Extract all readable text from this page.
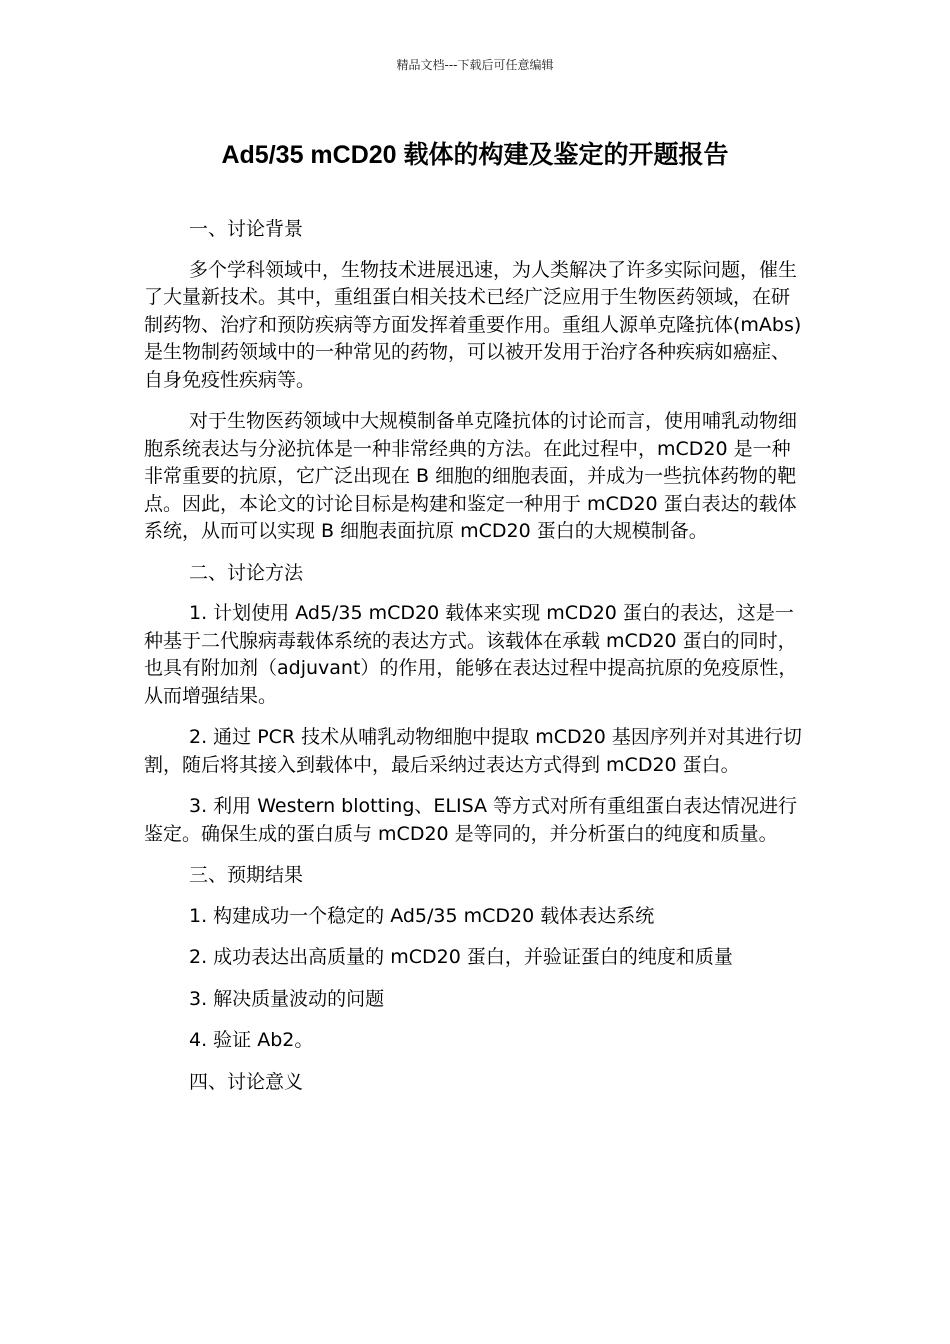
精品文档---下载后可任意编辑
Ad5/35 mCD20 载体的构建及鉴定的开题报告

一、讨论背景

多个学科领域中，生物技术进展迅速，为人类解决了许多实际问题，催生了大量新技术。其中，重组蛋白相关技术已经广泛应用于生物医药领域，在研制药物、治疗和预防疾病等方面发挥着重要作用。重组人源单克隆抗体(mAbs)是生物制药领域中的一种常见的药物，可以被开发用于治疗各种疾病如癌症、自身免疫性疾病等。

对于生物医药领域中大规模制备单克隆抗体的讨论而言，使用哺乳动物细胞系统表达与分泌抗体是一种非常经典的方法。在此过程中，mCD20 是一种非常重要的抗原，它广泛出现在 B 细胞的细胞表面，并成为一些抗体药物的靶点。因此，本论文的讨论目标是构建和鉴定一种用于 mCD20 蛋白表达的载体系统，从而可以实现 B 细胞表面抗原 mCD20 蛋白的大规模制备。

二、讨论方法

1. 计划使用 Ad5/35 mCD20 载体来实现 mCD20 蛋白的表达，这是一种基于二代腺病毒载体系统的表达方式。该载体在承载 mCD20 蛋白的同时，也具有附加剂（adjuvant）的作用，能够在表达过程中提高抗原的免疫原性，从而增强结果。

2. 通过 PCR 技术从哺乳动物细胞中提取 mCD20 基因序列并对其进行切割，随后将其接入到载体中，最后采纳过表达方式得到 mCD20 蛋白。

3. 利用 Western blotting、ELISA 等方式对所有重组蛋白表达情况进行鉴定。确保生成的蛋白质与 mCD20 是等同的，并分析蛋白的纯度和质量。

三、预期结果

1. 构建成功一个稳定的 Ad5/35 mCD20 载体表达系统

2. 成功表达出高质量的 mCD20 蛋白，并验证蛋白的纯度和质量

3. 解决质量波动的问题

4. 验证 Ab2。

四、讨论意义
